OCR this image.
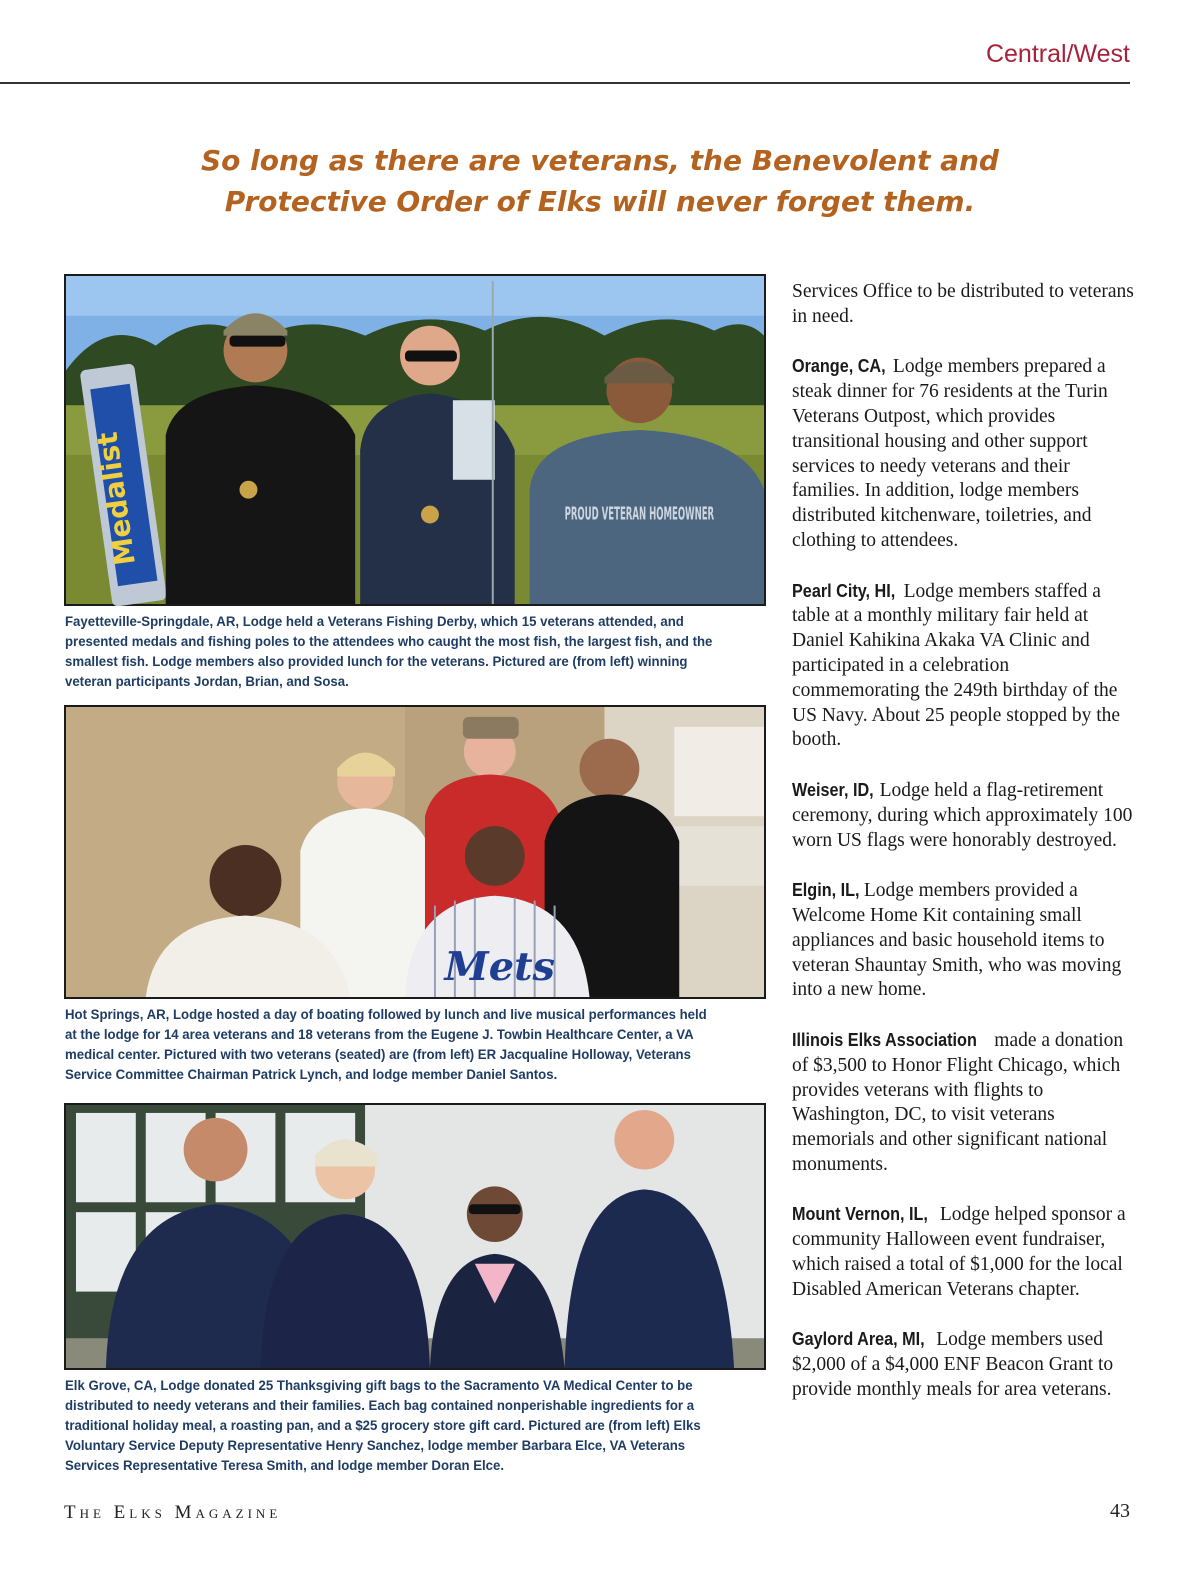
Central/West
So long as there are veterans, the Benevolent and
Protective Order of Elks will never forget them.
Medalist	PROUD VETERAN HOMEOWNER
Fayetteville-Springdale, AR, Lodge held a Veterans Fishing Derby, which 15 veterans attended, and presented medals and fishing poles to the attendees who caught the most fish, the largest fish, and the smallest fish. Lodge members also provided lunch for the veterans. Pictured are (from left) winning veteran participants Jordan, Brian, and Sosa.
Mets
Hot Springs, AR, Lodge hosted a day of boating followed by lunch and live musical performances held at the lodge for 14 area veterans and 18 veterans from the Eugene J. Towbin Healthcare Center, a VA medical center. Pictured with two veterans (seated) are (from left) ER Jacqualine Holloway, Veterans Service Committee Chairman Patrick Lynch, and lodge member Daniel Santos.
Elk Grove, CA, Lodge donated 25 Thanksgiving gift bags to the Sacramento VA Medical Center to be distributed to needy veterans and their families. Each bag contained nonperishable ingredients for a traditional holiday meal, a roasting pan, and a $25 grocery store gift card. Pictured are (from left) Elks Voluntary Service Deputy Representative Henry Sanchez, lodge member Barbara Elce, VA Veterans Services Representative Teresa Smith, and lodge member Doran Elce.

Services Office to be distributed to veterans in need.

Orange, CA, Lodge members prepared a steak dinner for 76 residents at the Turin Veterans Outpost, which provides transitional housing and other support services to needy veterans and their families. In addition, lodge members distributed kitchenware, toiletries, and clothing to attendees.

Pearl City, HI, Lodge members staffed a table at a monthly military fair held at Daniel Kahikina Akaka VA Clinic and participated in a celebration commemorating the 249th birthday of the US Navy. About 25 people stopped by the booth.

Weiser, ID, Lodge held a flag-retirement ceremony, during which approximately 100 worn US flags were honorably destroyed.

Elgin, IL, Lodge members provided a Welcome Home Kit containing small appliances and basic household items to veteran Shauntay Smith, who was moving into a new home.

Illinois Elks Association made a donation of $3,500 to Honor Flight Chicago, which provides veterans with flights to Washington, DC, to visit veterans memorials and other significant national monuments.

Mount Vernon, IL, Lodge helped sponsor a community Halloween event fundraiser, which raised a total of $1,000 for the local Disabled American Veterans chapter.

Gaylord Area, MI, Lodge members used $2,000 of a $4,000 ENF Beacon Grant to provide monthly meals for area veterans.

The Elks Magazine	43
